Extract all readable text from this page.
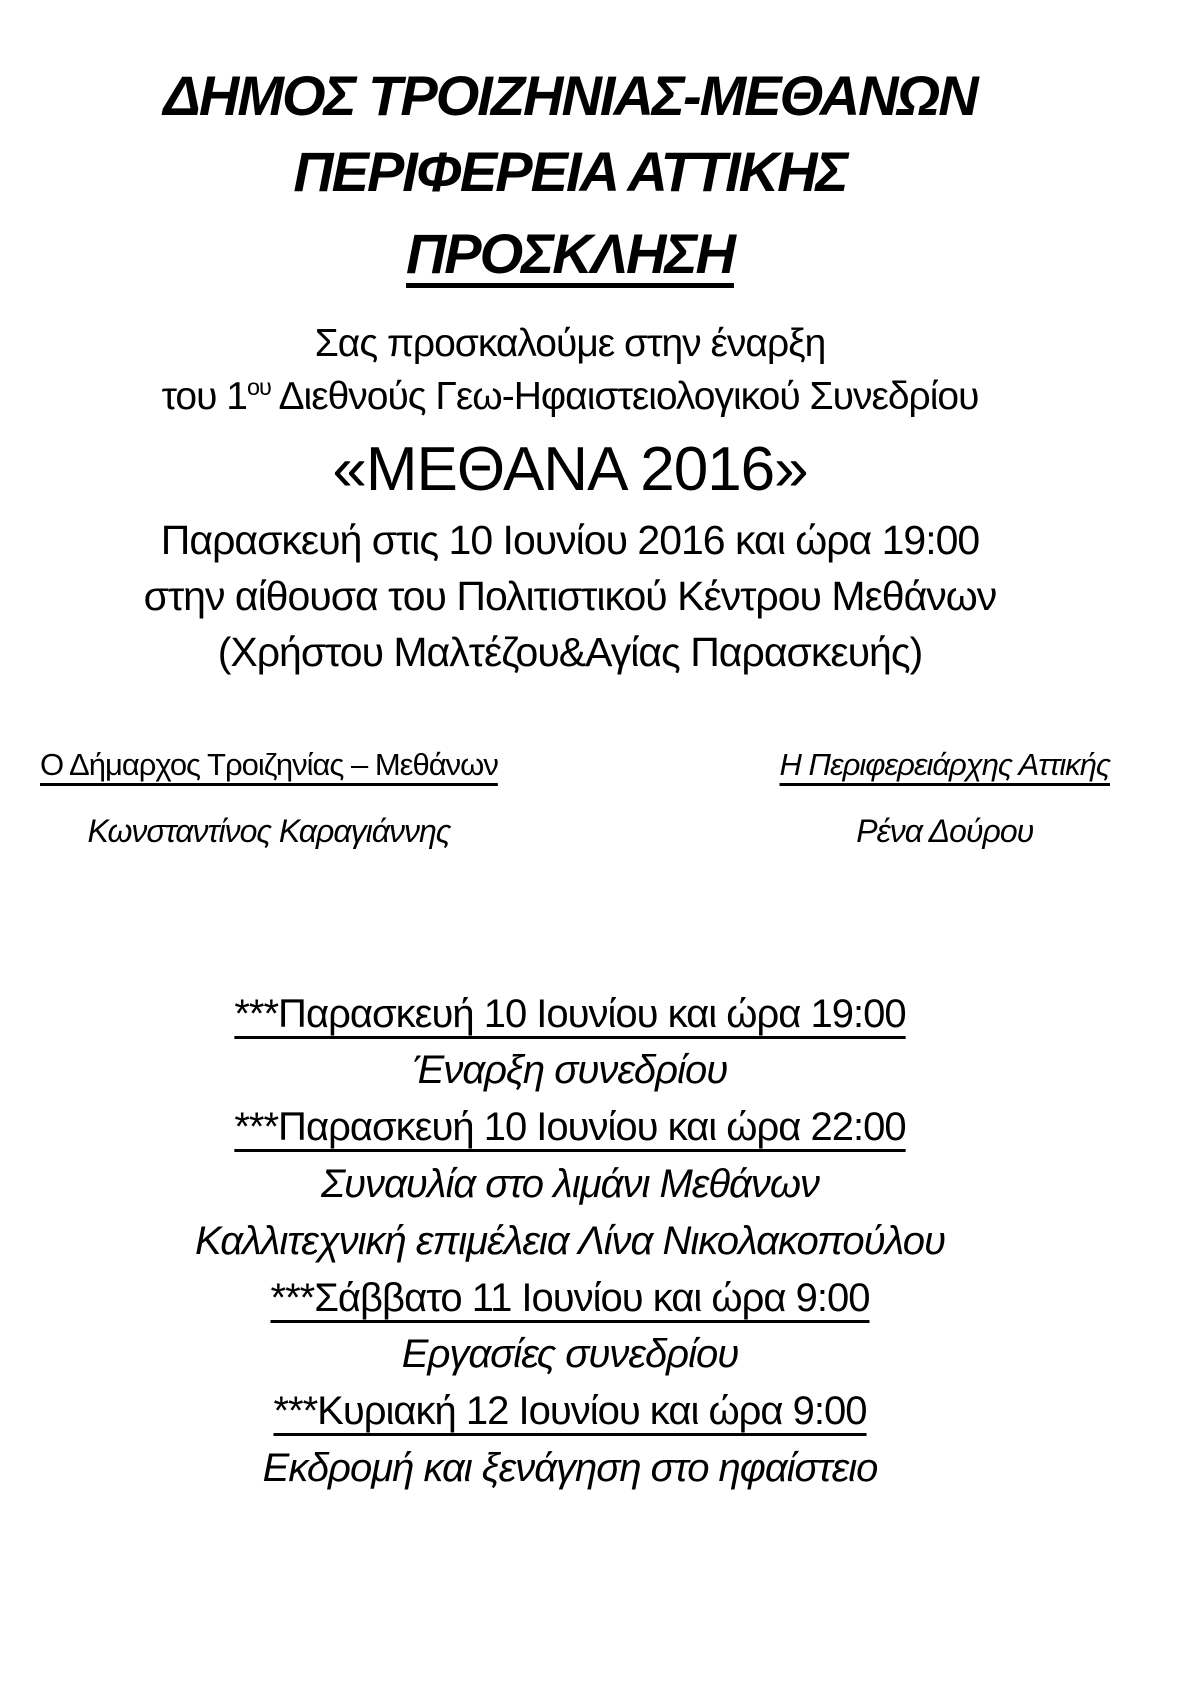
ΔΗΜΟΣ ΤΡΟΙΖΗΝΙΑΣ-ΜΕΘΑΝΩΝ
ΠΕΡΙΦΕΡΕΙΑ ΑΤΤΙΚΗΣ
ΠΡΟΣΚΛΗΣΗ
Σας προσκαλούμε στην έναρξη
του $1^{o\upsilon}$ Διεθνούς Γεω-Ηφαιστειολογικού Συνεδρίου
«ΜΕΘΑΝΑ 2016»
Παρασκευή στις 10 Ιουνίου 2016 και ώρα 19:00
στην αίθουσα του Πολιτιστικού Κέντρου Μεθάνων
(Χρήστου Μαλτέζου&Αγίας Παρασκευής)
Ο Δήμαρχος Τροιζηνίας – Μεθάνων
Κωνσταντίνος Καραγιάννης
Η Περιφερειάρχης Αττικής
Ρένα Δούρου
***Παρασκευή 10 Ιουνίου και ώρα 19:00
Έναρξη συνεδρίου
***Παρασκευή 10 Ιουνίου και ώρα 22:00
Συναυλία στο λιμάνι Μεθάνων
Καλλιτεχνική επιμέλεια Λίνα Νικολακοπούλου
***Σάββατο 11 Ιουνίου και ώρα 9:00
Εργασίες συνεδρίου
***Κυριακή 12 Ιουνίου και ώρα 9:00
Εκδρομή και ξενάγηση στο ηφαίστειο
